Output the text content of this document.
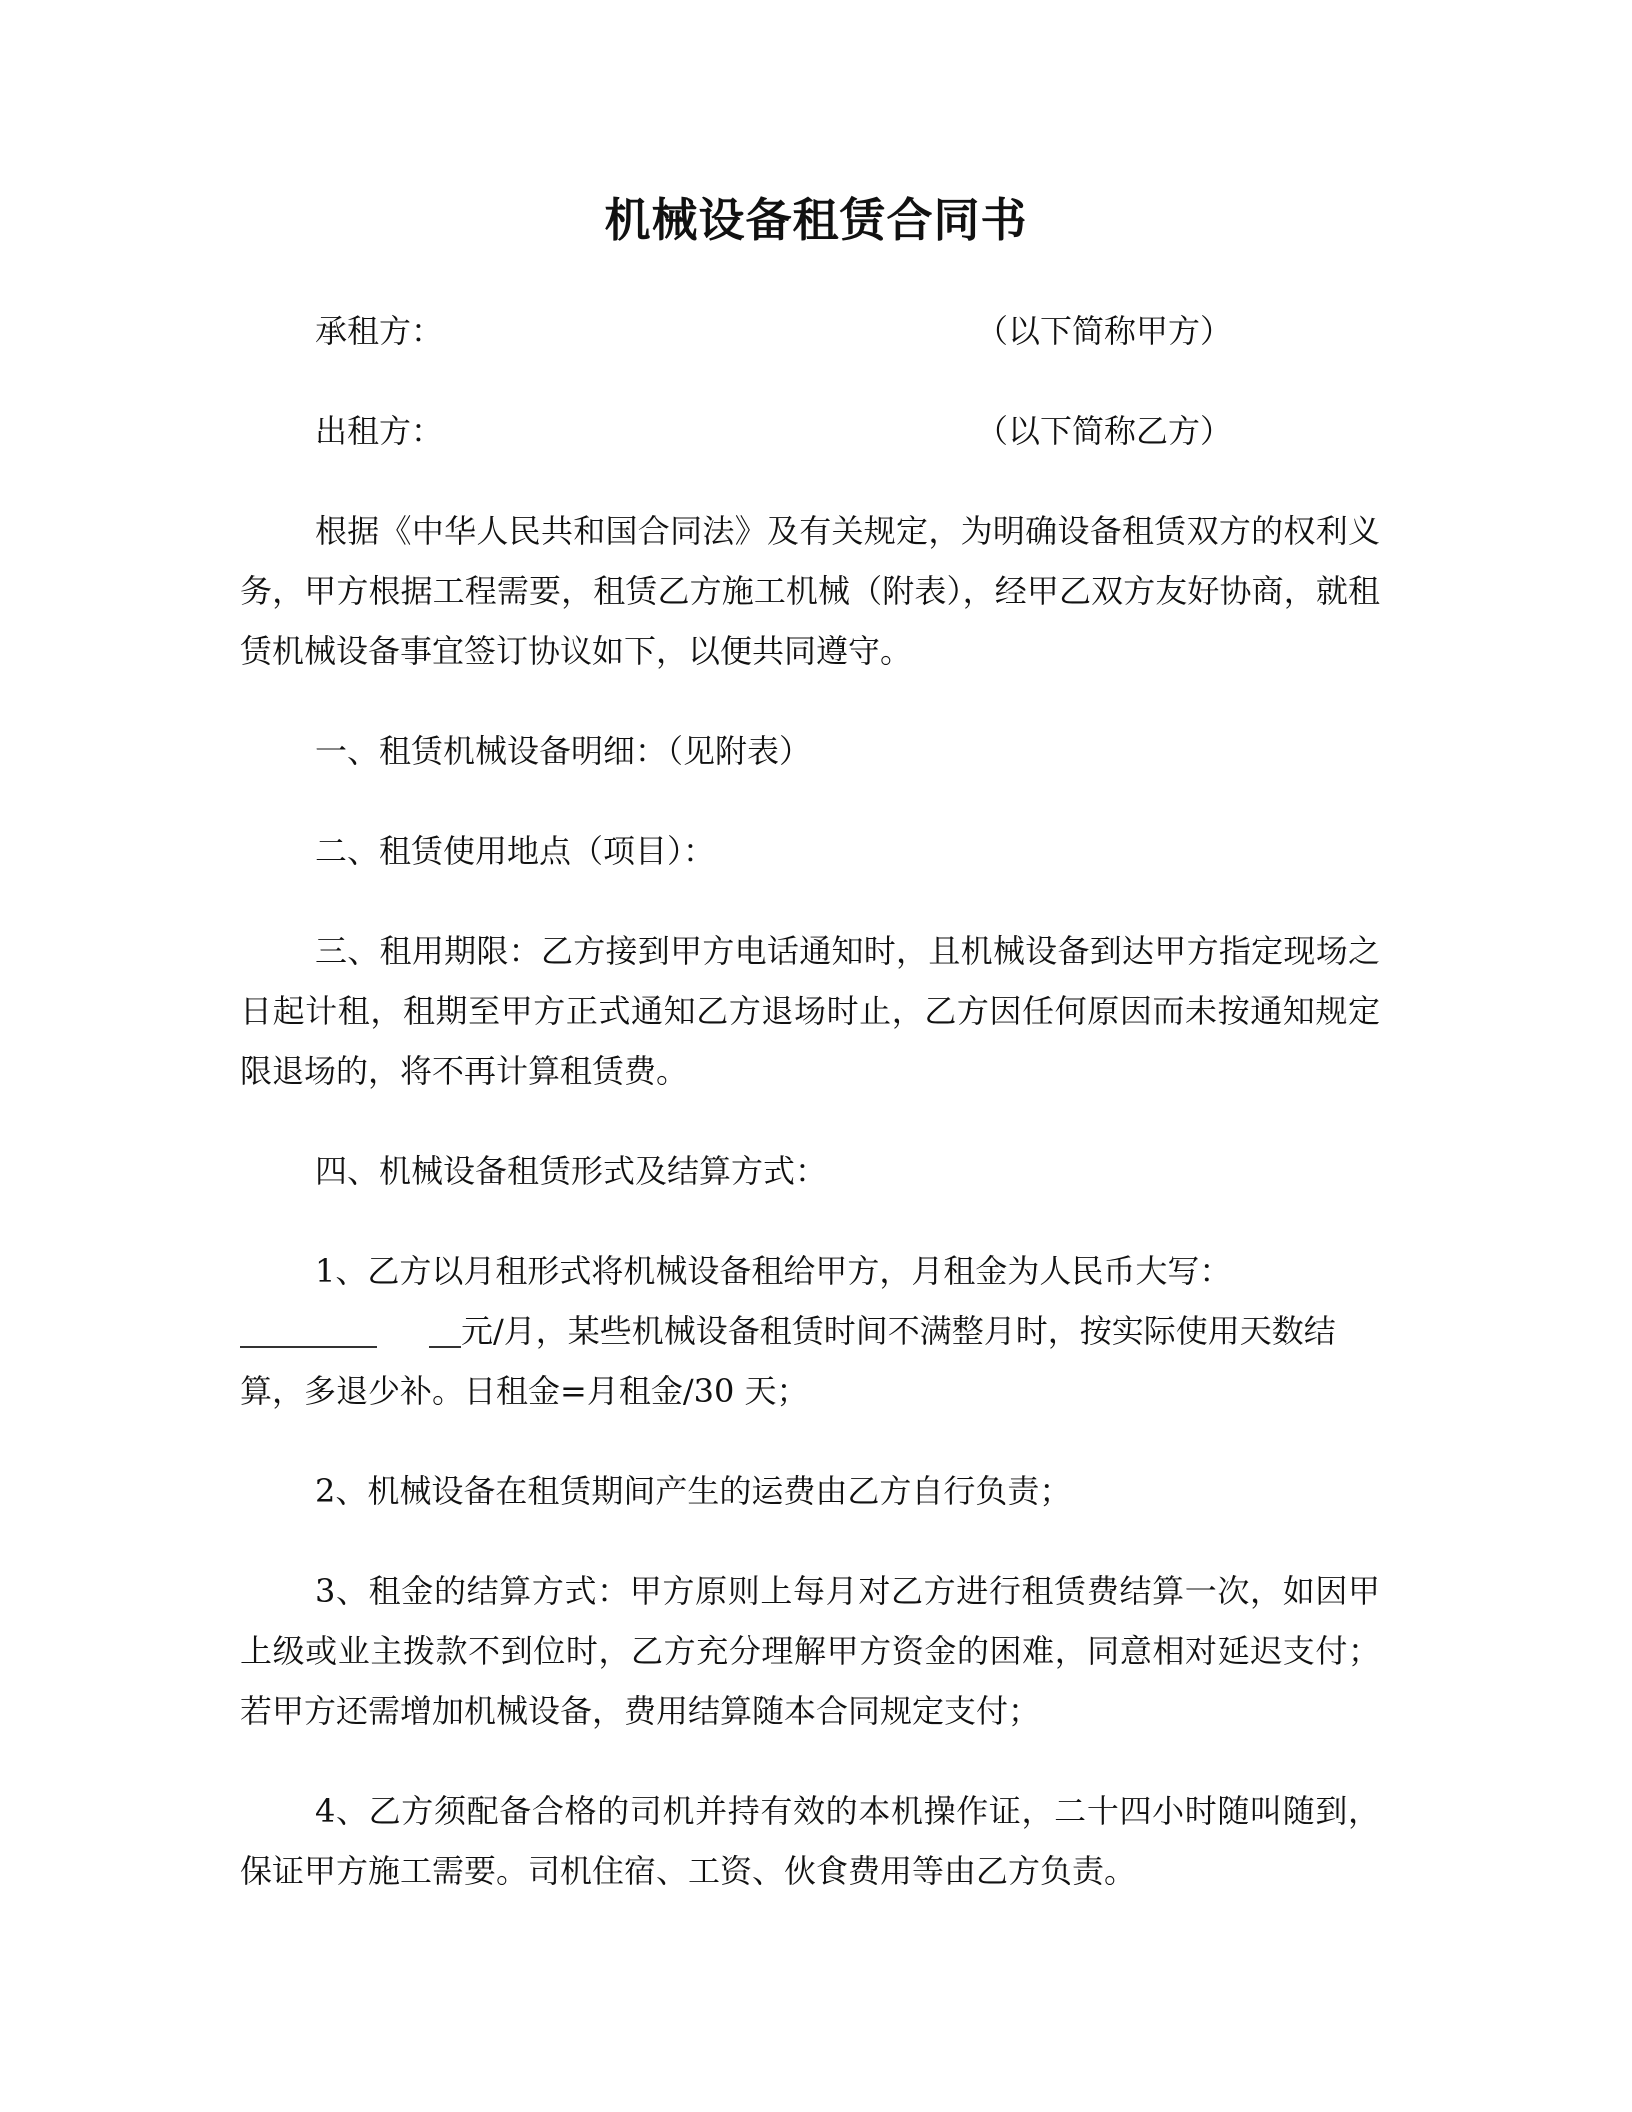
机械设备租赁合同书
承租方：	（以下简称甲方）
出租方：	（以下简称乙方）
根据《中华人民共和国合同法》及有关规定，为明确设备租赁双方的权利义
务，甲方根据工程需要，租赁乙方施工机械（附表），经甲乙双方友好协商，就租
赁机械设备事宜签订协议如下，以便共同遵守。
一、租赁机械设备明细：（见附表）
二、租赁使用地点（项目）：
三、租用期限：乙方接到甲方电话通知时，且机械设备到达甲方指定现场之
日起计租，租期至甲方正式通知乙方退场时止，乙方因任何原因而未按通知规定
限退场的，将不再计算租赁费。
四、机械设备租赁形式及结算方式：
1、乙方以月租形式将机械设备租给甲方，月租金为人民币大写：
元/月，某些机械设备租赁时间不满整月时，按实际使用天数结
算，多退少补。日租金=月租金/30 天；
2、机械设备在租赁期间产生的运费由乙方自行负责；
3、租金的结算方式：甲方原则上每月对乙方进行租赁费结算一次，如因甲
上级或业主拨款不到位时，乙方充分理解甲方资金的困难，同意相对延迟支付；
若甲方还需增加机械设备，费用结算随本合同规定支付；
4、乙方须配备合格的司机并持有效的本机操作证，二十四小时随叫随到，
保证甲方施工需要。司机住宿、工资、伙食费用等由乙方负责。
